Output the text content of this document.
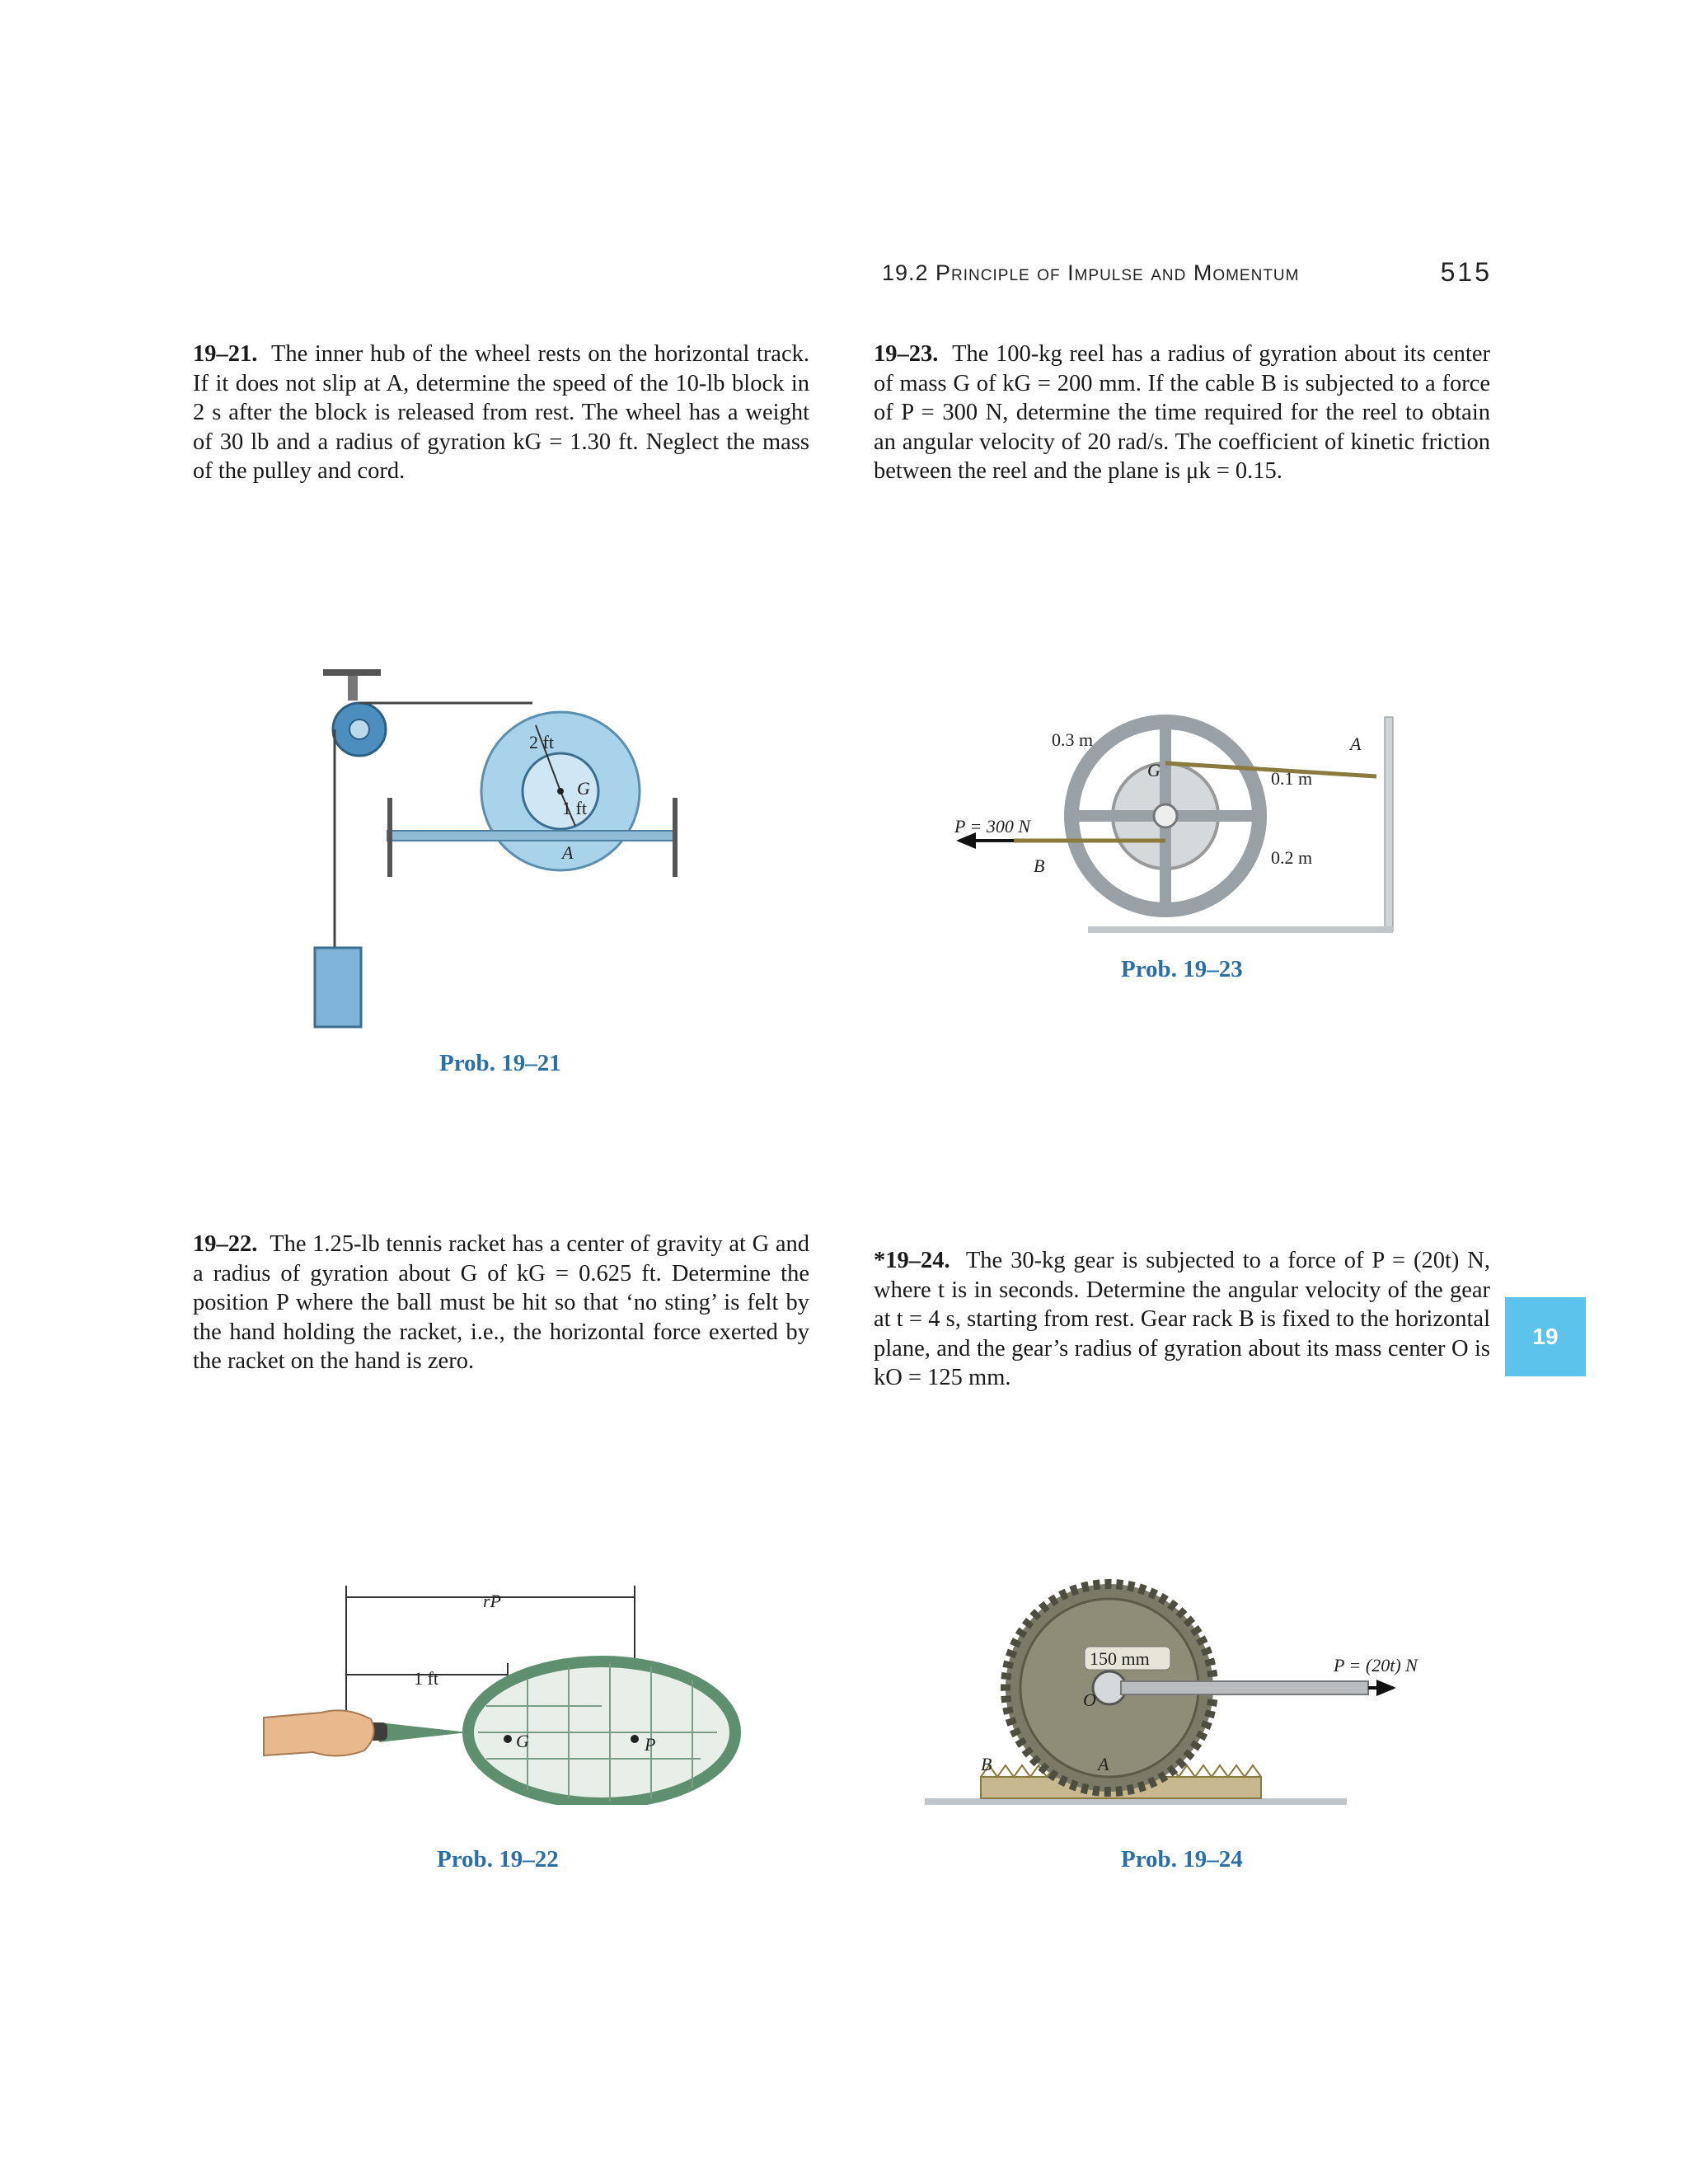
19.2 Principle of Impulse and Momentum	515
19–21. The inner hub of the wheel rests on the horizontal track. If it does not slip at A, determine the speed of the 10-lb block in 2 s after the block is released from rest. The wheel has a weight of 30 lb and a radius of gyration kG = 1.30 ft. Neglect the mass of the pulley and cord.
19–23. The 100-kg reel has a radius of gyration about its center of mass G of kG = 200 mm. If the cable B is subjected to a force of P = 300 N, determine the time required for the reel to obtain an angular velocity of 20 rad/s. The coefficient of kinetic friction between the reel and the plane is μk = 0.15.
2 ft
G
1 ft
A
Prob. 19–21
0.3 m
G	0.1 m
A
0.2 m
P = 300 N
B
Prob. 19–23
19–22. The 1.25-lb tennis racket has a center of gravity at G and a radius of gyration about G of kG = 0.625 ft. Determine the position P where the ball must be hit so that ‘no sting’ is felt by the hand holding the racket, i.e., the horizontal force exerted by the racket on the hand is zero.
*19–24. The 30-kg gear is subjected to a force of P = (20t) N, where t is in seconds. Determine the angular velocity of the gear at t = 4 s, starting from rest. Gear rack B is fixed to the horizontal plane, and the gear’s radius of gyration about its mass center O is kO = 125 mm.
rP
1 ft
G	P
Prob. 19–22
150 mm
O
B	A
P = (20t) N
Prob. 19–24
19
